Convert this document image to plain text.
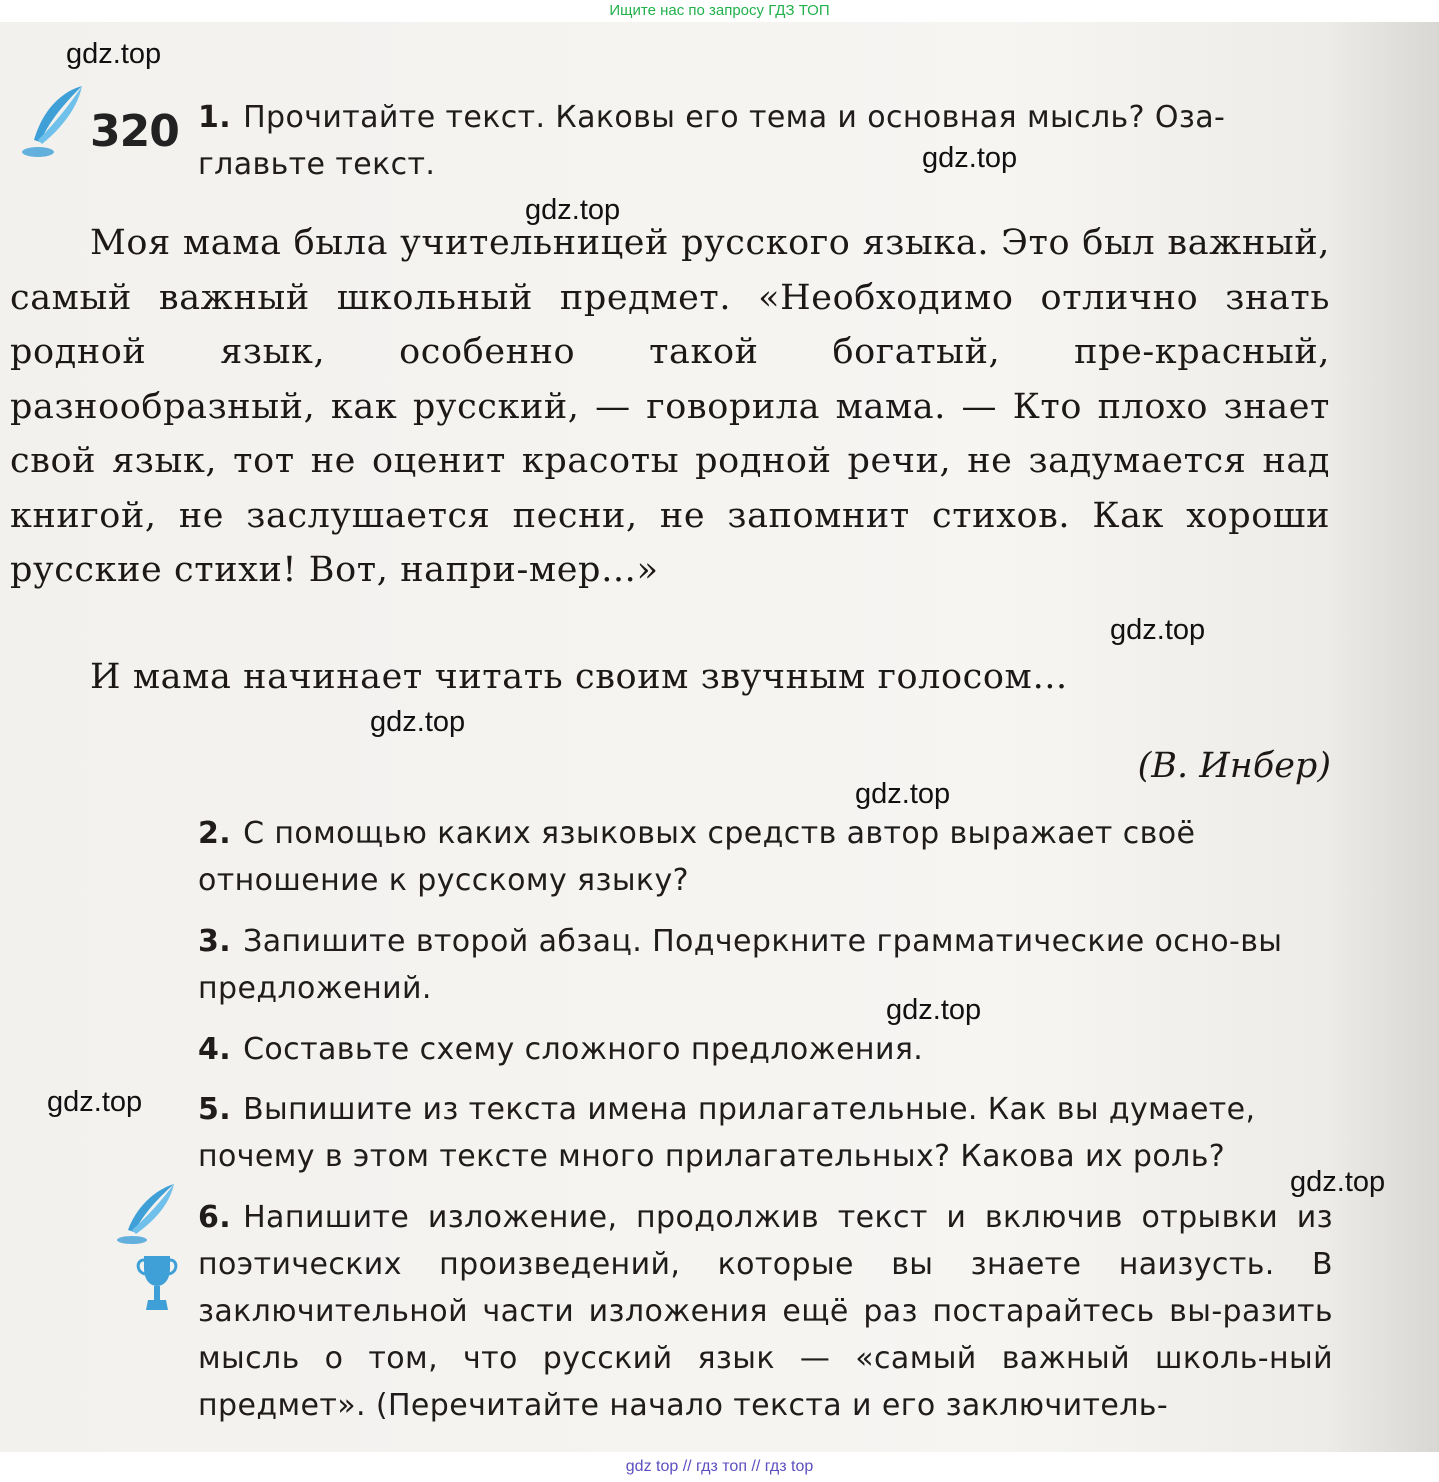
Ищите нас по запросу ГДЗ ТОП

gdz.top
gdz.top
gdz.top
gdz.top
gdz.top
gdz.top
gdz.top
gdz.top
gdz.top
320 1. Прочитайте текст. Каковы его тема и основная мысль? Оза-главьте текст.
Моя мама была учительницей русского языка. Это был важный, самый важный школьный предмет. «Необходимо отлично знать родной язык, особенно такой богатый, пре-красный, разнообразный, как русский, — говорила мама. — Кто плохо знает свой язык, тот не оценит красоты родной речи, не задумается над книгой, не заслушается песни, не запомнит стихов. Как хороши русские стихи! Вот, напри-мер…»
И мама начинает читать своим звучным голосом…
(В. Инбер)
2. С помощью каких языковых средств автор выражает своё отношение к русскому языку?
3. Запишите второй абзац. Подчеркните грамматические осно-вы предложений.
4. Составьте схему сложного предложения.
5. Выпишите из текста имена прилагательные. Как вы думаете, почему в этом тексте много прилагательных? Какова их роль?
6. Напишите изложение, продолжив текст и включив отрывки из поэтических произведений, которые вы знаете наизусть. В заключительной части изложения ещё раз постарайтесь вы-разить мысль о том, что русский язык — «самый важный школь-ный предмет». (Перечитайте начало текста и его заключитель-
gdz top // гдз топ // гдз top
